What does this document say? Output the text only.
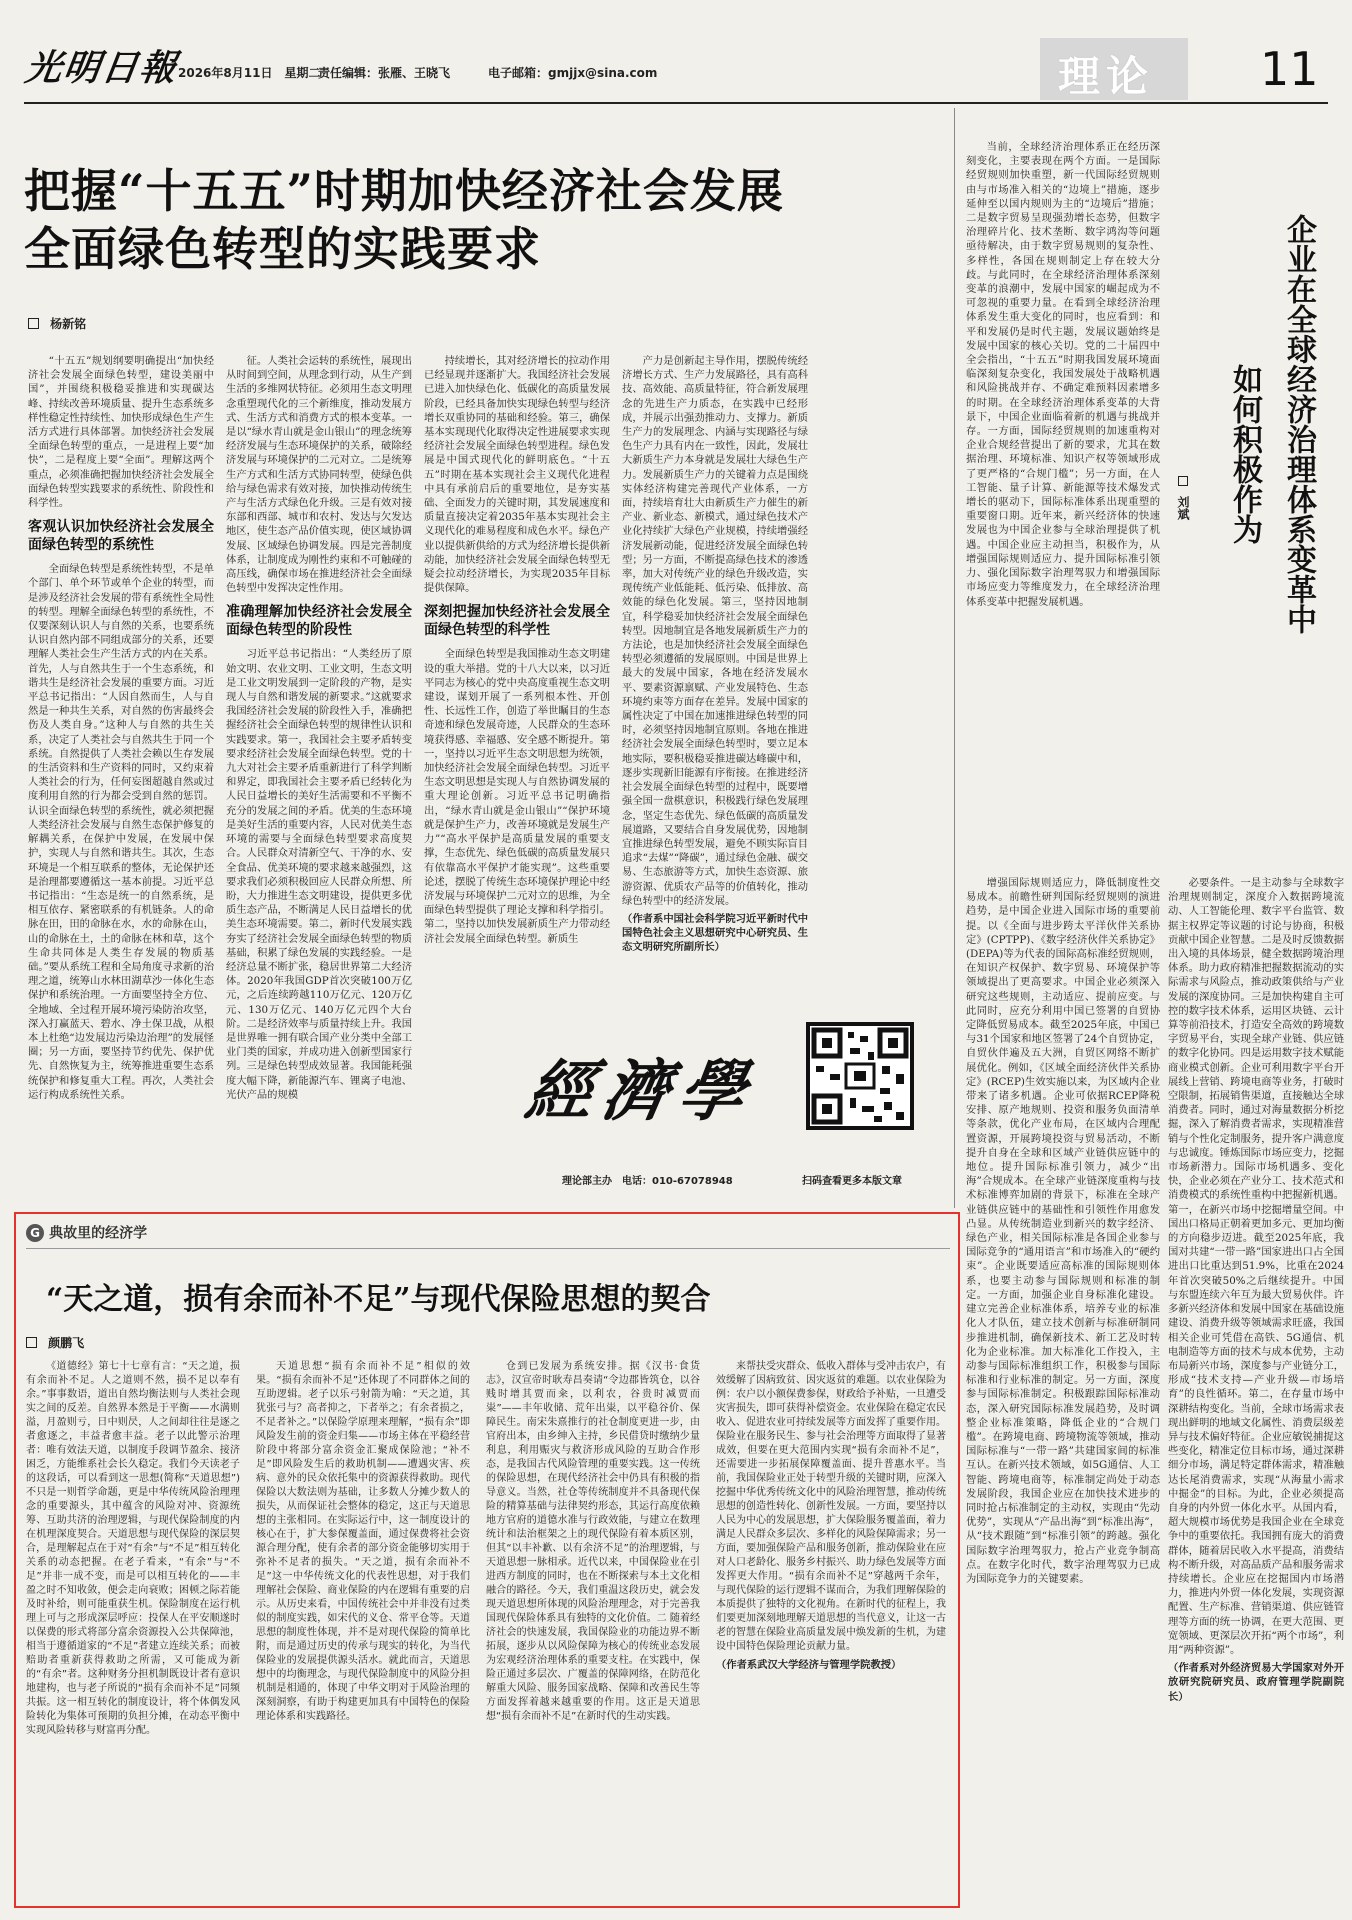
光明日報
2026年8月11日　星期二
责任编辑：张雁、王晓飞	电子邮箱：gmjjx@sina.com	理论 11
把握“十五五”时期加快经济社会发展
全面绿色转型的实践要求
杨新铭

“十五五”规划纲要明确提出“加快经济社会发展全面绿色转型，建设美丽中国”，并围绕积极稳妥推进和实现碳达峰、持续改善环境质量、提升生态系统多样性稳定性持续性、加快形成绿色生产生活方式进行具体部署。加快经济社会发展全面绿色转型的重点，一是进程上要“加快”，二是程度上要“全面”。理解这两个重点，必须准确把握加快经济社会发展全面绿色转型实践要求的系统性、阶段性和科学性。

客观认识加快经济社会发展全面绿色转型的系统性

全面绿色转型是系统性转型，不是单个部门、单个环节或单个企业的转型，而是涉及经济社会发展的带有系统性全局性的转型。理解全面绿色转型的系统性，不仅要深刻认识人与自然的关系，也要系统认识自然内部不同组成部分的关系，还要理解人类社会生产生活方式的内在关系。首先，人与自然共生于一个生态系统，和谐共生是经济社会发展的重要方面。习近平总书记指出：“人因自然而生，人与自然是一种共生关系，对自然的伤害最终会伤及人类自身。”这种人与自然的共生关系，决定了人类社会与自然共生于同一个系统。自然提供了人类社会赖以生存发展的生活资料和生产资料的同时，又约束着人类社会的行为，任何妄图超越自然或过度利用自然的行为都会受到自然的惩罚。认识全面绿色转型的系统性，就必须把握人类经济社会发展与自然生态保护修复的解耦关系，在保护中发展，在发展中保护，实现人与自然和谐共生。其次，生态环境是一个相互联系的整体，无论保护还是治理都要遵循这一基本前提。习近平总书记指出：“生态是统一的自然系统，是相互依存、紧密联系的有机链条。人的命脉在田，田的命脉在水，水的命脉在山，山的命脉在土，土的命脉在林和草，这个生命共同体是人类生存发展的物质基础。”要从系统工程和全局角度寻求新的治理之道，统筹山水林田湖草沙一体化生态保护和系统治理。一方面要坚持全方位、全地域、全过程开展环境污染防治攻坚，深入打赢蓝天、碧水、净土保卫战，从根本上杜绝“边发展边污染边治理”的发展怪圈；另一方面，要坚持节约优先、保护优先、自然恢复为主，统筹推进重要生态系统保护和修复重大工程。再次，人类社会运行构成系统性关系。

征。人类社会运转的系统性，展现出从时间到空间，从理念到行动，从生产到生活的多维网状特征。必须用生态文明理念重塑现代化的三个新维度，推动发展方式、生活方式和消费方式的根本变革。一是以“绿水青山就是金山银山”的理念统筹经济发展与生态环境保护的关系，破除经济发展与环境保护的二元对立。二是统筹生产方式和生活方式协同转型，使绿色供给与绿色需求有效对接，加快推动传统生产与生活方式绿色化升级。三是有效对接东部和西部、城市和农村、发达与欠发达地区，使生态产品价值实现，使区域协调发展、区域绿色协调发展。四是完善制度体系，让制度成为刚性约束和不可触碰的高压线，确保市场在推进经济社会全面绿色转型中发挥决定性作用。

准确理解加快经济社会发展全面绿色转型的阶段性

习近平总书记指出：“人类经历了原始文明、农业文明、工业文明，生态文明是工业文明发展到一定阶段的产物，是实现人与自然和谐发展的新要求。”这就要求我国经济社会发展的阶段性入手，准确把握经济社会全面绿色转型的规律性认识和实践要求。第一，我国社会主要矛盾转变要求经济社会发展全面绿色转型。党的十九大对社会主要矛盾重新进行了科学判断和界定，即我国社会主要矛盾已经转化为人民日益增长的美好生活需要和不平衡不充分的发展之间的矛盾。优美的生态环境是美好生活的重要内容，人民对优美生态环境的需要与全面绿色转型要求高度契合。人民群众对清新空气、干净的水、安全食品、优美环境的要求越来越强烈，这要求我们必须积极回应人民群众所想、所盼，大力推进生态文明建设，提供更多优质生态产品，不断满足人民日益增长的优美生态环境需要。第二，新时代发展实践夯实了经济社会发展全面绿色转型的物质基础，积累了绿色发展的实践经验。一是经济总量不断扩张，稳居世界第二大经济体。2020年我国GDP首次突破100万亿元，之后连续跨越110万亿元、120万亿元、130万亿元、140万亿元四个大台阶。二是经济效率与质量持续上升。我国是世界唯一拥有联合国产业分类中全部工业门类的国家，并成功进入创新型国家行列。三是绿色转型成效显著。我国能耗强度大幅下降，新能源汽车、锂离子电池、光伏产品的规模

持续增长，其对经济增长的拉动作用已经显现并逐渐扩大。我国经济社会发展已进入加快绿色化、低碳化的高质量发展阶段，已经具备加快实现绿色转型与经济增长双重协同的基础和经验。第三，确保基本实现现代化取得决定性进展要求实现经济社会发展全面绿色转型进程。绿色发展是中国式现代化的鲜明底色。“十五五”时期在基本实现社会主义现代化进程中具有承前启后的重要地位，是夯实基础、全面发力的关键时期，其发展速度和质量直接决定着2035年基本实现社会主义现代化的难易程度和成色水平。绿色产业以提供新供给的方式为经济增长提供新动能，加快经济社会发展全面绿色转型无疑会拉动经济增长，为实现2035年目标提供保障。

深刻把握加快经济社会发展全面绿色转型的科学性

全面绿色转型是我国推动生态文明建设的重大举措。党的十八大以来，以习近平同志为核心的党中央高度重视生态文明建设，谋划开展了一系列根本性、开创性、长远性工作，创造了举世瞩目的生态奇迹和绿色发展奇迹，人民群众的生态环境获得感、幸福感、安全感不断提升。第一，坚持以习近平生态文明思想为统领，加快经济社会发展全面绿色转型。习近平生态文明思想是实现人与自然协调发展的重大理论创新。习近平总书记明确指出，“绿水青山就是金山银山”“保护环境就是保护生产力，改善环境就是发展生产力”“高水平保护是高质量发展的重要支撑，生态优先、绿色低碳的高质量发展只有依靠高水平保护才能实现”。这些重要论述，摆脱了传统生态环境保护理论中经济发展与环境保护二元对立的思维，为全面绿色转型提供了理论支撑和科学指引。第二，坚持以加快发展新质生产力带动经济社会发展全面绿色转型。新质生

产力是创新起主导作用，摆脱传统经济增长方式、生产力发展路径，具有高科技、高效能、高质量特征，符合新发展理念的先进生产力质态，在实践中已经形成，并展示出强劲推动力、支撑力。新质生产力的发展理念、内涵与实现路径与绿色生产力具有内在一致性，因此，发展壮大新质生产力本身就是发展壮大绿色生产力。发展新质生产力的关键着力点是围绕实体经济构建完善现代产业体系，一方面，持续培育壮大由新质生产力催生的新产业、新业态、新模式，通过绿色技术产业化持续扩大绿色产业规模，持续增强经济发展新动能，促进经济发展全面绿色转型；另一方面，不断提高绿色技术的渗透率，加大对传统产业的绿色升级改造，实现传统产业低能耗、低污染、低排放、高效能的绿色化发展。第三，坚持因地制宜，科学稳妥加快经济社会发展全面绿色转型。因地制宜是各地发展新质生产力的方法论，也是加快经济社会发展全面绿色转型必须遵循的发展原则。中国是世界上最大的发展中国家，各地在经济发展水平、要素资源禀赋、产业发展特色、生态环境约束等方面存在差异。发展中国家的属性决定了中国在加速推进绿色转型的同时，必须坚持因地制宜原则。各地在推进经济社会发展全面绿色转型时，要立足本地实际，要积极稳妥推进碳达峰碳中和，逐步实现新旧能源有序衔接。在推进经济社会发展全面绿色转型的过程中，既要增强全国一盘棋意识，积极践行绿色发展理念，坚定生态优先、绿色低碳的高质量发展道路，又要结合自身发展优势，因地制宜推进绿色转型发展，避免不顾实际盲目追求“去煤”“降碳”，通过绿色金融、碳交易、生态旅游等方式，加快生态资源、旅游资源、优质农产品等的价值转化，推动绿色转型中的经济发展。

（作者系中国社会科学院习近平新时代中国特色社会主义思想研究中心研究员、生态文明研究所副所长）

經濟學
理论部主办　电话：010-67078948	扫码查看更多本版文章
企业在全球经济治理体系变革中
如何积极作为
刘斌

当前，全球经济治理体系正在经历深刻变化，主要表现在两个方面。一是国际经贸规则加快重塑，新一代国际经贸规则由与市场准入相关的“边境上”措施，逐步延伸至以国内规则为主的“边境后”措施；二是数字贸易呈现强劲增长态势，但数字治理碎片化、技术垄断、数字鸿沟等问题亟待解决，由于数字贸易规则的复杂性、多样性，各国在规则制定上存在较大分歧。与此同时，在全球经济治理体系深刻变革的浪潮中，发展中国家的崛起成为不可忽视的重要力量。在看到全球经济治理体系发生重大变化的同时，也应看到：和平和发展仍是时代主题，发展议题始终是发展中国家的核心关切。党的二十届四中全会指出，“十五五”时期我国发展环境面临深刻复杂变化，我国发展处于战略机遇和风险挑战并存、不确定难预料因素增多的时期。在全球经济治理体系变革的大背景下，中国企业面临着新的机遇与挑战并存。一方面，国际经贸规则的加速重构对企业合规经营提出了新的要求，尤其在数据治理、环境标准、知识产权等领域形成了更严格的“合规门槛”；另一方面，在人工智能、量子计算、新能源等技术爆发式增长的驱动下，国际标准体系出现重塑的重要窗口期。近年来，新兴经济体的快速发展也为中国企业参与全球治理提供了机遇。中国企业应主动担当，积极作为，从增强国际规则适应力、提升国际标准引领力、强化国际数字治理驾驭力和增强国际市场应变力等维度发力，在全球经济治理体系变革中把握发展机遇。

增强国际规则适应力，降低制度性交易成本。前瞻性研判国际经贸规则的演进趋势，是中国企业进入国际市场的重要前提。以《全面与进步跨太平洋伙伴关系协定》(CPTPP)、《数字经济伙伴关系协定》(DEPA)等为代表的国际高标准经贸规则，在知识产权保护、数字贸易、环境保护等领域提出了更高要求。中国企业必须深入研究这些规则，主动适应、提前应变。与此同时，应充分利用中国已签署的自贸协定降低贸易成本。截至2025年底，中国已与31个国家和地区签署了24个自贸协定，自贸伙伴遍及五大洲，自贸区网络不断扩展优化。例如，《区域全面经济伙伴关系协定》(RCEP)生效实施以来，为区域内企业带来了诸多机遇。企业可依据RCEP降税安排、原产地规则、投资和服务负面清单等条款，优化产业布局，在区域内合理配置资源，开展跨境投资与贸易活动，不断提升自身在全球和区域产业链供应链中的地位。提升国际标准引领力，减少“出海”合规成本。在全球产业链深度重构与技术标准博弈加剧的背景下，标准在全球产业链供应链中的基础性和引领性作用愈发凸显。从传统制造业到新兴的数字经济、绿色产业，相关国际标准是各国企业参与国际竞争的“通用语言”和市场准入的“硬约束”。企业既要适应高标准的国际规则体系，也要主动参与国际规则和标准的制定。一方面，加强企业自身标准化建设。建立完善企业标准体系，培养专业的标准化人才队伍，建立技术创新与标准研制同步推进机制，确保新技术、新工艺及时转化为企业标准。加大标准化工作投入，主动参与国际标准组织工作，积极参与国际标准和行业标准的制定。另一方面，深度参与国际标准制定。积极跟踪国际标准动态，深入研究国际标准发展趋势，及时调整企业标准策略，降低企业的“合规门槛”。在跨境电商、跨境物流等领域，推动国际标准与“一带一路”共建国家间的标准互认。在新兴技术领域，如5G通信、人工智能、跨境电商等，标准制定尚处于动态发展阶段，我国企业应在加快技术进步的同时抢占标准制定的主动权，实现由“先动优势”，实现从“产品出海”到“标准出海”，从“技术跟随”到“标准引领”的跨越。强化国际数字治理驾驭力，抢占产业竞争制高点。在数字化时代，数字治理驾驭力已成为国际竞争力的关键要素。

必要条件。一是主动参与全球数字治理规则制定，深度介入数据跨境流动、人工智能伦理、数字平台监管、数据主权界定等议题的讨论与协商，积极贡献中国企业智慧。二是及时反馈数据出入境的具体场景，健全数据跨境治理体系。助力政府精准把握数据流动的实际需求与风险点，推动政策供给与产业发展的深度协同。三是加快构建自主可控的数字技术体系，运用区块链、云计算等前沿技术，打造安全高效的跨境数字贸易平台，实现全球产业链、供应链的数字化协同。四是运用数字技术赋能商业模式创新。企业可利用数字平台开展线上营销、跨境电商等业务，打破时空限制，拓展销售渠道，直接触达全球消费者。同时，通过对海量数据分析挖掘，深入了解消费者需求，实现精准营销与个性化定制服务，提升客户满意度与忠诚度。锤炼国际市场应变力，挖掘市场新潜力。国际市场机遇多、变化快，企业必须在产业分工、技术范式和消费模式的系统性重构中把握新机遇。第一，在新兴市场中挖掘增量空间。中国出口格局正朝着更加多元、更加均衡的方向稳步迈进。截至2025年底，我国对共建“一带一路”国家进出口占全国进出口比重达到51.9%，比重在2024年首次突破50%之后继续提升。中国与东盟连续六年互为最大贸易伙伴。许多新兴经济体和发展中国家在基础设施建设、消费升级等领域需求旺盛，我国相关企业可凭借在高铁、5G通信、机电制造等方面的技术与成本优势，主动布局新兴市场，深度参与产业链分工，形成“技术支持—产业升级—市场培育”的良性循环。第二，在存量市场中深耕结构变化。当前，全球市场需求表现出鲜明的地域文化属性、消费层级差异与技术偏好特征。企业应敏锐捕捉这些变化，精准定位目标市场，通过深耕细分市场，满足特定群体需求，精准触达长尾消费需求，实现“从海量小需求中掘金”的目标。为此，企业必须提高自身的内外贸一体化水平。从国内看，超大规模市场优势是我国企业在全球竞争中的重要依托。我国拥有庞大的消费群体，随着居民收入水平提高，消费结构不断升级，对高品质产品和服务需求持续增长。企业应在挖掘国内市场潜力，推进内外贸一体化发展，实现资源配置、生产标准、营销渠道、供应链管理等方面的统一协调，在更大范围、更宽领域、更深层次开拓“两个市场”，利用“两种资源”。

（作者系对外经济贸易大学国家对外开放研究院研究员、政府管理学院副院长）

G 典故里的经济学
“天之道，损有余而补不足”与现代保险思想的契合
颜鹏飞

《道德经》第七十七章有言：“天之道，损有余而补不足。人之道则不然，损不足以奉有余。”事事数语，道出自然均衡法则与人类社会现实之间的反差。自然界本然是于平衡——水满则溢，月盈则亏，日中则昃，人之间却往往是逐之者愈逐之，丰益者愈丰益。老子以此警示治理者：唯有效法天道，以制度手段调节盈余、接济困乏，方能维系社会长久稳定。我们今天读老子的这段话，可以看到这一思想(简称“天道思想”)不只是一则哲学命题，更是中华传统风险治理理念的重要源头，其中蕴含的风险对冲、资源统筹、互助共济的治理逻辑，与现代保险制度的内在机理深度契合。天道思想与现代保险的深层契合，是理解起点在于对“有余”与“不足”相互转化关系的动态把握。在老子看来，“有余”与“不足”并非一成不变，而是可以相互转化的——丰盈之时不知收敛，便会走向衰败；困顿之际若能及时补给，则可能重获生机。保险制度在运行机理上可与之形成深层呼应：投保人在平安顺遂时以保费的形式将部分富余资源投入公共保障池，相当于遵循道家的“不足”者建立连续关系；而被赔助者重新获得救助之所需，又可能成为新的“有余”者。这种财务分担机制既设计者有意识地建构，也与老子所说的“损有余而补不足”同频共振。这一相互转化的制度设计，将个体偶发风险转化为集体可预期的负担分摊，在动态平衡中实现风险转移与财富再分配。

天道思想“损有余而补不足”相似的效果。“损有余而补不足”还体现了不同群体之间的互助逻辑。老子以乐弓射箭为喻：“天之道，其犹张弓与？高者抑之，下者举之；有余者损之，不足者补之。”以保险学原理来理解，“损有余”即风险发生前的资金归集——市场主体在平稳经营阶段中将部分富余资金汇聚成保险池；“补不足”即风险发生后的救助机制——遭遇灾害、疾病、意外的民众依托集中的资源获得救助。现代保险以大数法则为基础，让多数人分摊少数人的损失，从而保证社会整体的稳定，这正与天道思想的主张相同。在实际运行中，这一制度设计的核心在于，扩大参保覆盖面，通过保费将社会资源合理分配，使有余者的部分资金能够切实用于弥补不足者的损失。“天之道，损有余而补不足”这一中华传统文化的代表性思想，对于我们理解社会保险、商业保险的内在逻辑有重要的启示。从历史来看，中国传统社会中并非没有过类似的制度实践，如宋代的义仓、常平仓等。天道思想的制度性体现，并不是对现代保险的简单比附，而是通过历史的传承与现实的转化，为当代保险业的发展提供源头活水。就此而言，天道思想中的均衡理念，与现代保险制度中的风险分担机制是相通的，体现了中华文明对于风险治理的深刻洞察，有助于构建更加具有中国特色的保险理论体系和实践路径。

仓到已发展为系统安排。据《汉书·食货志》，汉宣帝时耿寿昌奏请“令边郡皆筑仓，以谷贱时增其贾而籴，以利农，谷贵时减贾而粜”——丰年收储、荒年出粜，以平稳谷价、保障民生。南宋朱熹推行的社仓制度更进一步，由官府出本，由乡绅入主持，乡民借贷时缴纳少量利息，利用赈灾与救济形成风险的互助合作形态，是我国古代风险管理的重要实践。这一传统的保险思想，在现代经济社会中仍具有积极的指导意义。当然，社仓等传统制度并不具备现代保险的精算基础与法律契约形态，其运行高度依赖地方官府的道德水准与行政效能，与建立在数理统计和法治框架之上的现代保险有着本质区别，但其“以丰补歉、以有余济不足”的治理逻辑，与天道思想一脉相承。近代以来，中国保险业在引进西方制度的同时，也在不断探索与本土文化相融合的路径。今天，我们重温这段历史，就会发现天道思想所体现的风险治理理念，对于完善我国现代保险体系具有独特的文化价值。二 随着经济社会的快速发展，我国保险业的功能边界不断拓展，逐步从以风险保障为核心的传统业态发展为宏观经济治理体系的重要支柱。在实践中，保险正通过多层次、广覆盖的保障网络，在防范化解重大风险、服务国家战略、保障和改善民生等方面发挥着越来越重要的作用。这正是天道思想“损有余而补不足”在新时代的生动实践。

来帮扶受灾群众、低收入群体与受冲击农户，有效缓解了因病致贫、因灾返贫的难题。以农业保险为例：农户以小额保费参保，财政给予补贴，一旦遭受灾害损失，即可获得补偿资金。农业保险在稳定农民收入、促进农业可持续发展等方面发挥了重要作用。保险业在服务民生、参与社会治理等方面取得了显著成效，但要在更大范围内实现“损有余而补不足”，还需要进一步拓展保障覆盖面、提升普惠水平。当前，我国保险业正处于转型升级的关键时期，应深入挖掘中华优秀传统文化中的风险治理智慧，推动传统思想的创造性转化、创新性发展。一方面，要坚持以人民为中心的发展思想，扩大保险服务覆盖面，着力满足人民群众多层次、多样化的风险保障需求；另一方面，要加强保险产品和服务创新，推动保险业在应对人口老龄化、服务乡村振兴、助力绿色发展等方面发挥更大作用。“损有余而补不足”穿越两千余年，与现代保险的运行逻辑不谋而合，为我们理解保险的本质提供了独特的文化视角。在新时代的征程上，我们要更加深刻地理解天道思想的当代意义，让这一古老的智慧在保险业高质量发展中焕发新的生机，为建设中国特色保险理论贡献力量。

（作者系武汉大学经济与管理学院教授）
